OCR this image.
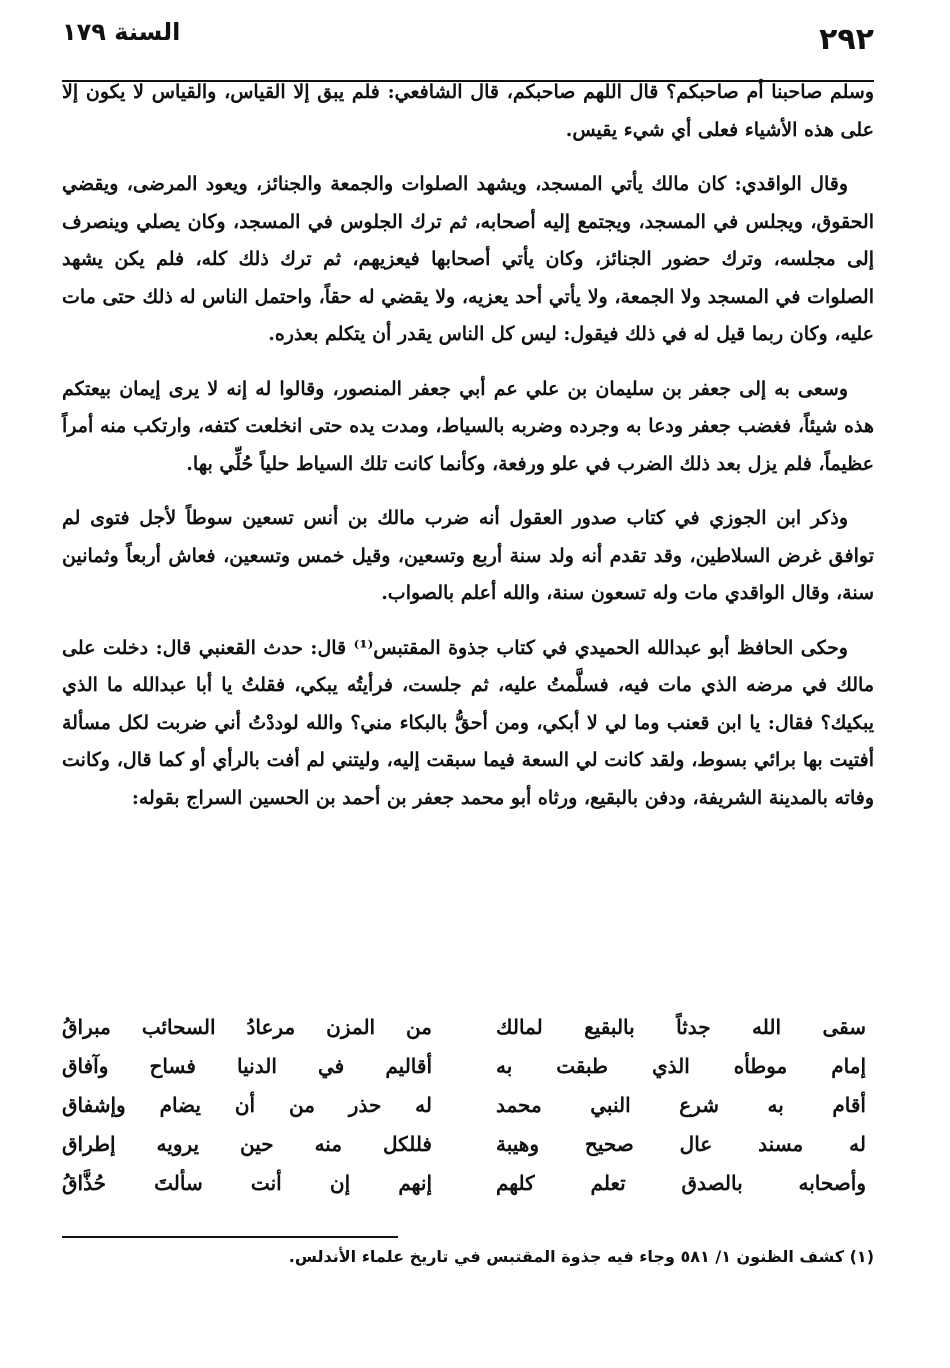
٢٩٢
السنة ١٧٩

وسلم صاحبنا أم صاحبكم؟ قال اللهم صاحبكم، قال الشافعي: فلم يبق إلا القياس، والقياس لا يكون إلا على هذه الأشياء فعلى أي شيء يقيس.

وقال الواقدي: كان مالك يأتي المسجد، ويشهد الصلوات والجمعة والجنائز، ويعود المرضى، ويقضي الحقوق، ويجلس في المسجد، ويجتمع إليه أصحابه، ثم ترك الجلوس في المسجد، وكان يصلي وينصرف إلى مجلسه، وترك حضور الجنائز، وكان يأتي أصحابها فيعزيهم، ثم ترك ذلك كله، فلم يكن يشهد الصلوات في المسجد ولا الجمعة، ولا يأتي أحد يعزيه، ولا يقضي له حقاً، واحتمل الناس له ذلك حتى مات عليه، وكان ربما قيل له في ذلك فيقول: ليس كل الناس يقدر أن يتكلم بعذره.

وسعى به إلى جعفر بن سليمان بن علي عم أبي جعفر المنصور، وقالوا له إنه لا يرى إيمان بيعتكم هذه شيئاً، فغضب جعفر ودعا به وجرده وضربه بالسياط، ومدت يده حتى انخلعت كتفه، وارتكب منه أمراً عظيماً، فلم يزل بعد ذلك الضرب في علو ورفعة، وكأنما كانت تلك السياط حلياً حُلِّي بها.

وذكر ابن الجوزي في كتاب صدور العقول أنه ضرب مالك بن أنس تسعين سوطاً لأجل فتوى لم توافق غرض السلاطين، وقد تقدم أنه ولد سنة أربع وتسعين، وقيل خمس وتسعين، فعاش أربعاً وثمانين سنة، وقال الواقدي مات وله تسعون سنة، والله أعلم بالصواب.

وحكى الحافظ أبو عبدالله الحميدي في كتاب جذوة المقتبس⁽¹⁾ قال: حدث القعنبي قال: دخلت على مالك في مرضه الذي مات فيه، فسلَّمتُ عليه، ثم جلست، فرأيتُه يبكي، فقلتُ يا أبا عبدالله ما الذي يبكيك؟ فقال: يا ابن قعنب وما لي لا أبكي، ومن أحقُّ بالبكاء مني؟ والله لوددْتُ أني ضربت لكل مسألة أفتيت بها برائي بسوط، ولقد كانت لي السعة فيما سبقت إليه، وليتني لم أفت بالرأي أو كما قال، وكانت وفاته بالمدينة الشريفة، ودفن بالبقيع، ورثاه أبو محمد جعفر بن أحمد بن الحسين السراج بقوله:

سقى الله جدثاً بالبقيع لمالك
من المزن مرعادُ السحائب مبراقُ
إمام موطأه الذي طبقت به
أقاليم في الدنيا فساح وآفاق
أقام به شرع النبي محمد
له حذر من أن يضام وإشفاق
له مسند عال صحيح وهيبة
فللكل منه حين يرويه إطراق
وأصحابه بالصدق تعلم كلهم
إنهم إن أنت سألتَ حُذَّاقُ
(١) كشف الظنون ١/ ٥٨١ وجاء فيه جذوة المقتبس في تاريخ علماء الأندلس.
